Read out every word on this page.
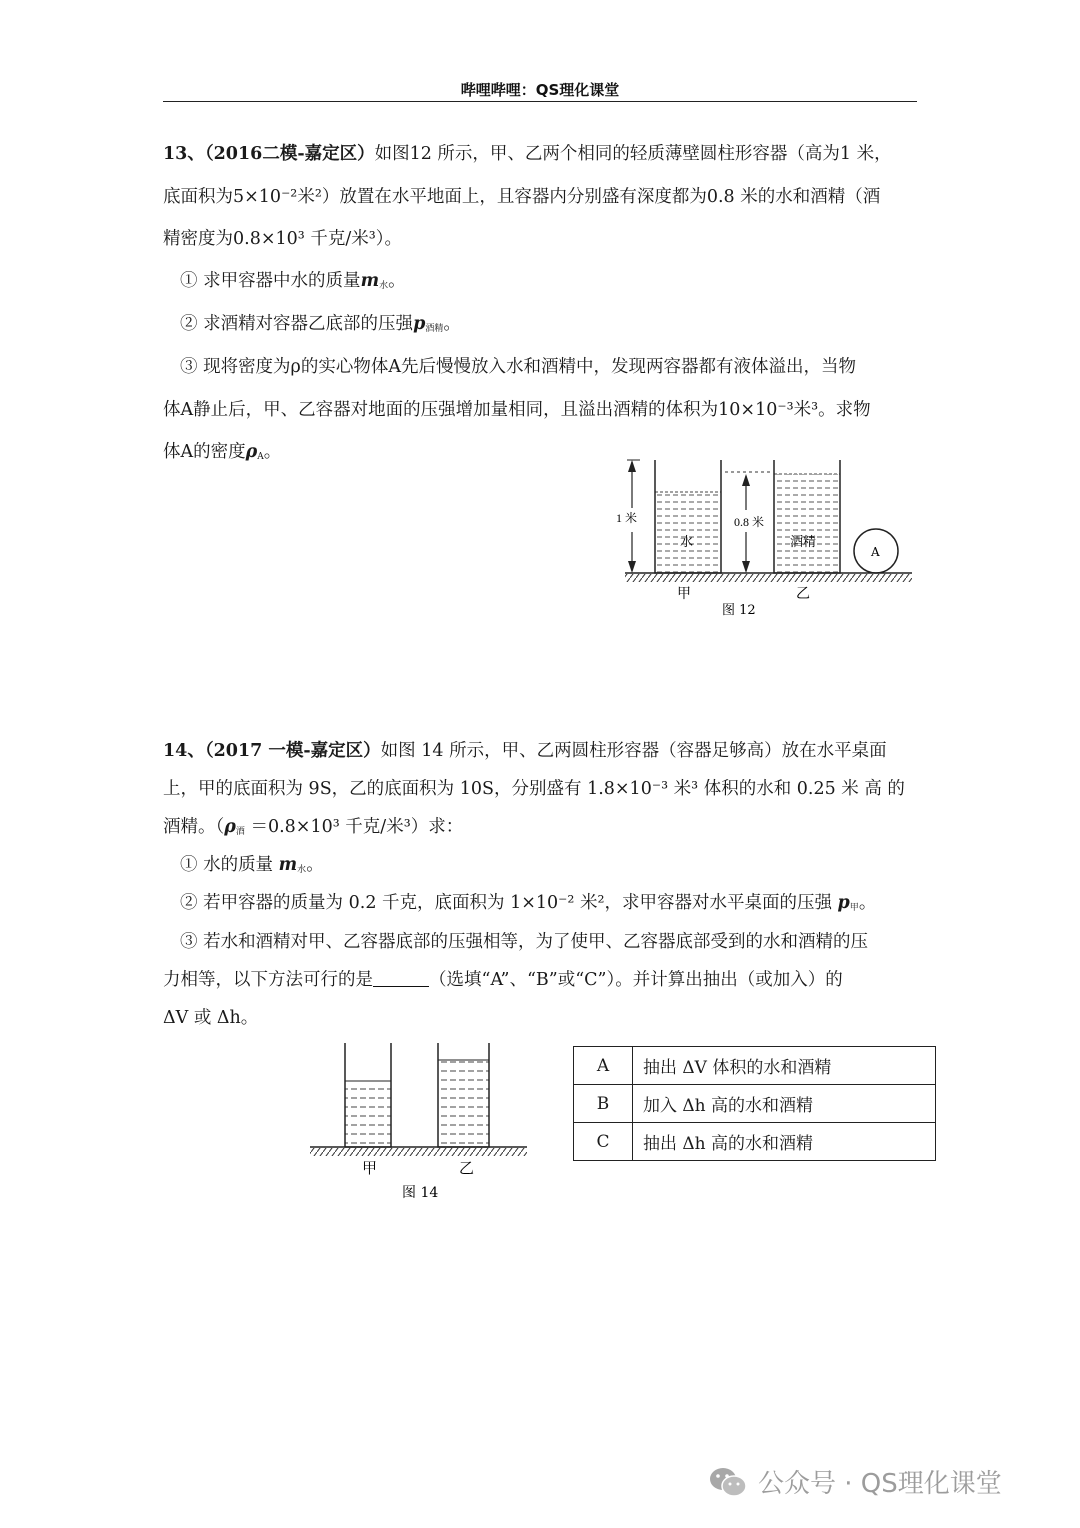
哔哩哔哩：QS理化课堂
13、（2016二模-嘉定区）如图12 所示，甲、乙两个相同的轻质薄壁圆柱形容器（高为1 米，
底面积为5×10⁻²米²）放置在水平地面上，且容器内分别盛有深度都为0.8 米的水和酒精（酒
精密度为0.8×10³ 千克/米³）。
① 求甲容器中水的质量$m_水$。
② 求酒精对容器乙底部的压强$p_{酒精}$。
③ 现将密度为ρ的实心物体A先后慢慢放入水和酒精中，发现两容器都有液体溢出，当物
体A静止后，甲、乙容器对地面的压强增加量相同，且溢出酒精的体积为10×10⁻³米³。求物
体A的密度$\rho_A$。
1 米
水
0.8 米
酒精
A
甲	乙
图 12
14、（2017 一模-嘉定区）如图 14 所示，甲、乙两圆柱形容器（容器足够高）放在水平桌面
上，甲的底面积为 9S，乙的底面积为 10S，分别盛有 1.8×10⁻³ 米³ 体积的水和 0.25 米 高 的
酒精。（$\rho_酒 =0.8\times 10^3$ 千克/米³）求：
① 水的质量 $m_水$。
② 若甲容器的质量为 0.2 千克，底面积为 1×10⁻² 米²，求甲容器对水平桌面的压强 $p_甲$。
③ 若水和酒精对甲、乙容器底部的压强相等，为了使甲、乙容器底部受到的水和酒精的压
力相等，以下方法可行的是	（选填“A”、“B”或“C”）。并计算出抽出（或加入）的
ΔV 或 Δh。
甲	乙
图 14
A	抽出 ΔV 体积的水和酒精
B	加入 Δh 高的水和酒精
C	抽出 Δh 高的水和酒精
公众号 · QS理化课堂
